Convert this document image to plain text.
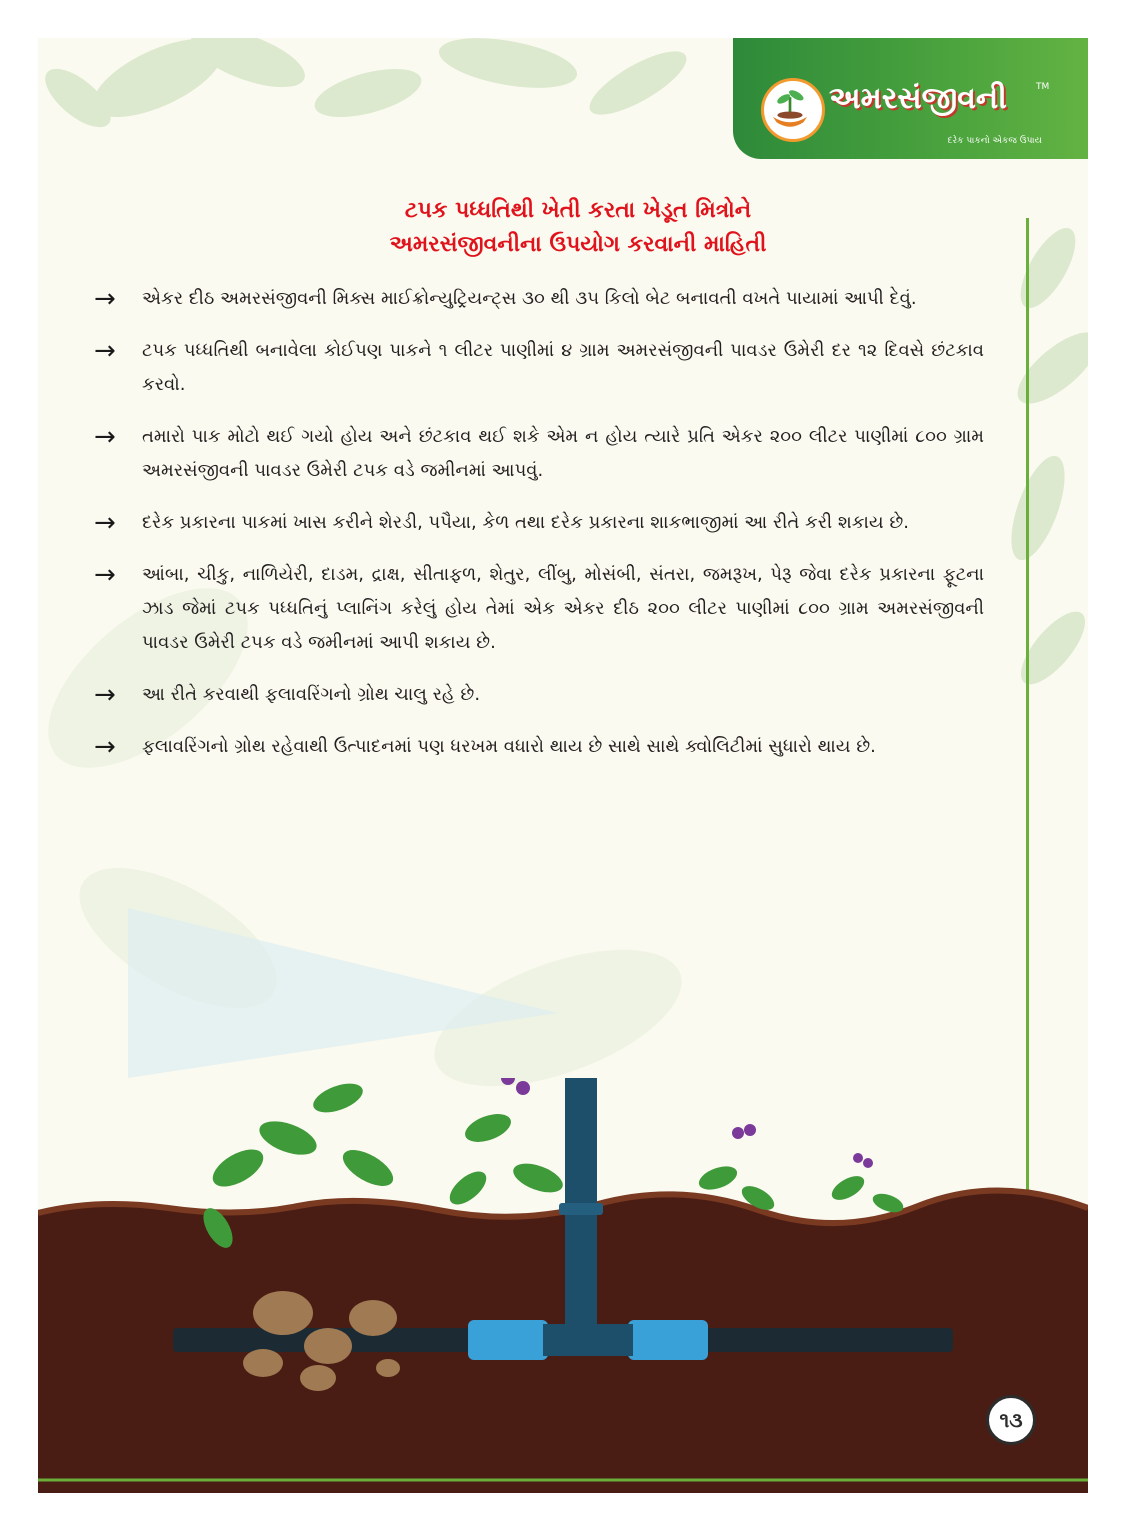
અમરસંજીવની	TM
દરેક પાકનો એકજ ઉપાય
ટપક પધ્ધતિથી ખેતી કરતા ખેડૂત મિત્રોને
અમરસંજીવનીના ઉપયોગ કરવાની માહિતી
→ એકર દીઠ અમરસંજીવની મિક્સ માઈક્રોન્યુટ્રિયન્ટ્સ ૩૦ થી ૩૫ કિલો બેટ બનાવતી વખતે પાયામાં આપી દેવું.
→ ટપક પધ્ધતિથી બનાવેલા કોઈપણ પાકને ૧ લીટર પાણીમાં ૪ ગ્રામ અમરસંજીવની પાવડર ઉમેરી દર ૧૨ દિવસે છંટકાવ કરવો.
→ તમારો પાક મોટો થઈ ગયો હોય અને છંટકાવ થઈ શકે એમ ન હોય ત્યારે પ્રતિ એકર ૨૦૦ લીટર પાણીમાં ૮૦૦ ગ્રામ અમરસંજીવની પાવડર ઉમેરી ટપક વડે જમીનમાં આપવું.
→ દરેક પ્રકારના પાકમાં ખાસ કરીને શેરડી, પપૈયા, કેળ તથા દરેક પ્રકારના શાકભાજીમાં આ રીતે કરી શકાય છે.
→ આંબા, ચીકુ, નાળિયેરી, દાડમ, દ્રાક્ષ, સીતાફળ, શેતુર, લીંબુ, મોસંબી, સંતરા, જમરૂખ, પેરૂ જેવા દરેક પ્રકારના ફૂટના ઝાડ જેમાં ટપક પધ્ધતિનું પ્લાનિંગ કરેલું હોય તેમાં એક એકર દીઠ ૨૦૦ લીટર પાણીમાં ૮૦૦ ગ્રામ અમરસંજીવની પાવડર ઉમેરી ટપક વડે જમીનમાં આપી શકાય છે.
→ આ રીતે કરવાથી ફલાવરિંગનો ગ્રોથ ચાલુ રહે છે.
→ ફલાવરિંગનો ગ્રોથ રહેવાથી ઉત્પાદનમાં પણ ધરખમ વધારો થાય છે સાથે સાથે ક્વોલિટીમાં સુધારો થાય છે.
૧૩
